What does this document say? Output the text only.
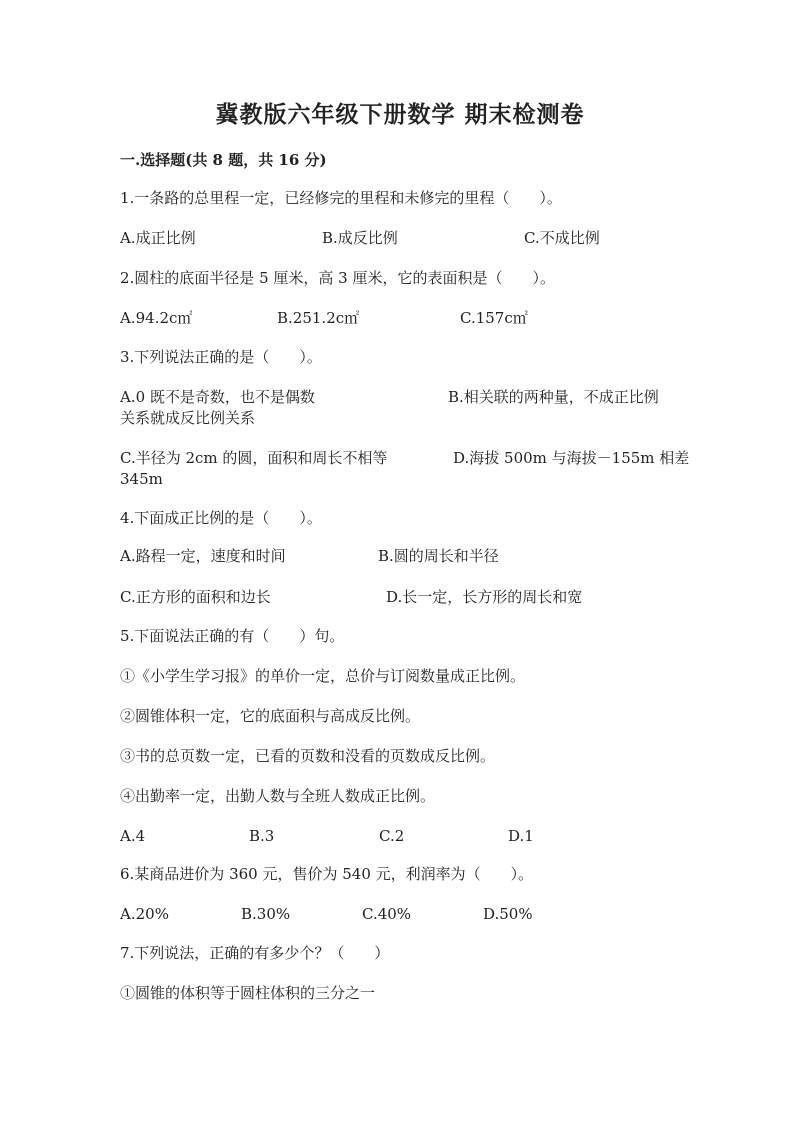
冀教版六年级下册数学 期末检测卷
一.选择题(共 8 题，共 16 分)
1.一条路的总里程一定，已经修完的里程和未修完的里程（　　）。
A.成正比例	B.成反比例	C.不成比例
2.圆柱的底面半径是 5 厘米，高 3 厘米，它的表面积是（　　）。
A.94.2c㎡	B.251.2c㎡	C.157c㎡
3.下列说法正确的是（　　）。
A.0 既不是奇数，也不是偶数	B.相关联的两种量，不成正比例
关系就成反比例关系
C.半径为 2cm 的圆，面积和周长不相等	D.海拔 500m 与海拔－155m 相差
345m
4.下面成正比例的是（　　）。
A.路程一定，速度和时间	B.圆的周长和半径
C.正方形的面积和边长	D.长一定，长方形的周长和宽
5.下面说法正确的有（　　）句。
①《小学生学习报》的单价一定，总价与订阅数量成正比例。
②圆锥体积一定，它的底面积与高成反比例。
③书的总页数一定，已看的页数和没看的页数成反比例。
④出勤率一定，出勤人数与全班人数成正比例。
A.4	B.3	C.2	D.1
6.某商品进价为 360 元，售价为 540 元，利润率为（　　）。
A.20%	B.30%	C.40%	D.50%
7.下列说法，正确的有多少个？（　　）
①圆锥的体积等于圆柱体积的三分之一
